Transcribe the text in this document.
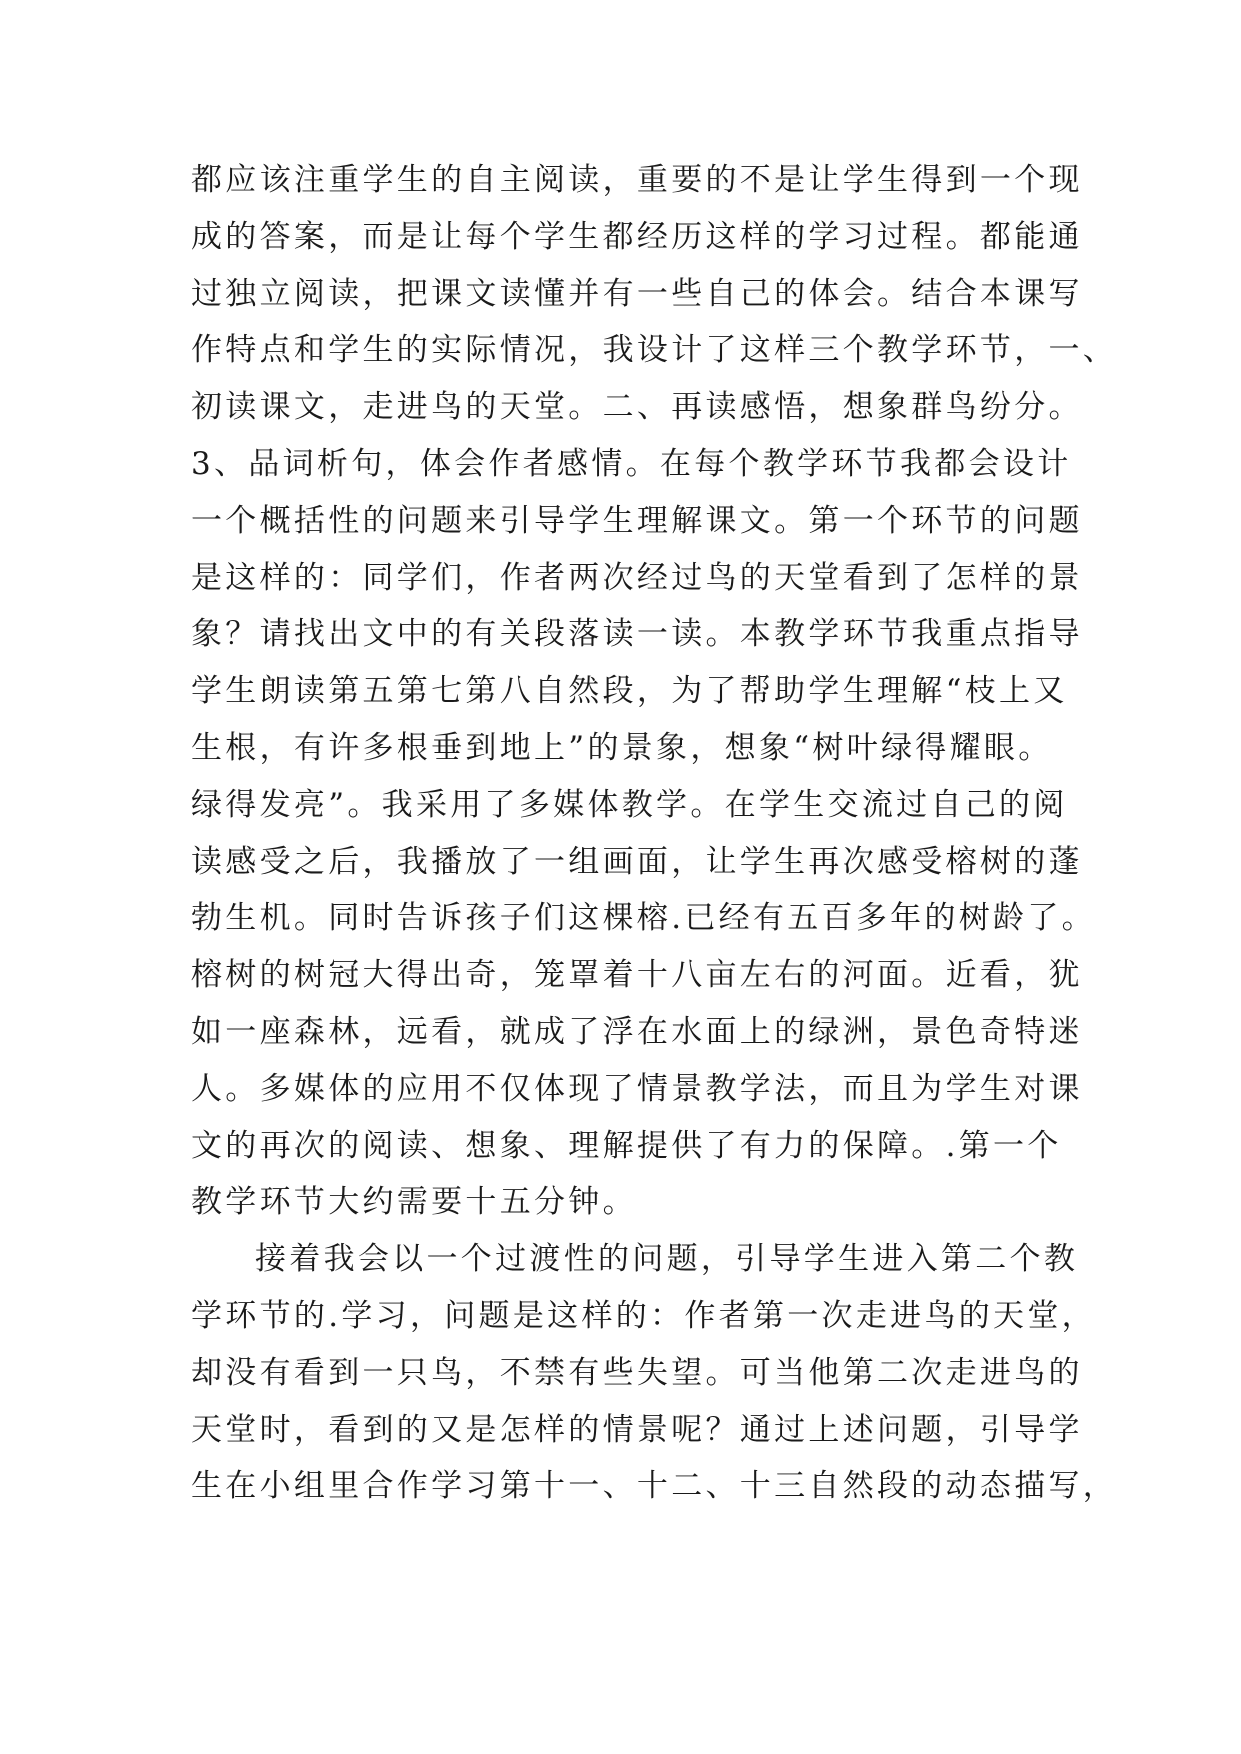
都应该注重学生的自主阅读，重要的不是让学生得到一个现
成的答案，而是让每个学生都经历这样的学习过程。都能通
过独立阅读，把课文读懂并有一些自己的体会。结合本课写
作特点和学生的实际情况，我设计了这样三个教学环节，一、
初读课文，走进鸟的天堂。二、再读感悟，想象群鸟纷分。
3、品词析句，体会作者感情。在每个教学环节我都会设计
一个概括性的问题来引导学生理解课文。第一个环节的问题
是这样的：同学们，作者两次经过鸟的天堂看到了怎样的景
象？请找出文中的有关段落读一读。本教学环节我重点指导
学生朗读第五第七第八自然段，为了帮助学生理解“枝上又
生根，有许多根垂到地上”的景象，想象“树叶绿得耀眼。
绿得发亮”。我采用了多媒体教学。在学生交流过自己的阅
读感受之后，我播放了一组画面，让学生再次感受榕树的蓬
勃生机。同时告诉孩子们这棵榕.已经有五百多年的树龄了。
榕树的树冠大得出奇，笼罩着十八亩左右的河面。近看，犹
如一座森林，远看，就成了浮在水面上的绿洲，景色奇特迷
人。多媒体的应用不仅体现了情景教学法，而且为学生对课
文的再次的阅读、想象、理解提供了有力的保障。.第一个
教学环节大约需要十五分钟。
接着我会以一个过渡性的问题，引导学生进入第二个教
学环节的.学习，问题是这样的：作者第一次走进鸟的天堂，
却没有看到一只鸟，不禁有些失望。可当他第二次走进鸟的
天堂时，看到的又是怎样的情景呢？通过上述问题，引导学
生在小组里合作学习第十一、十二、十三自然段的动态描写，
